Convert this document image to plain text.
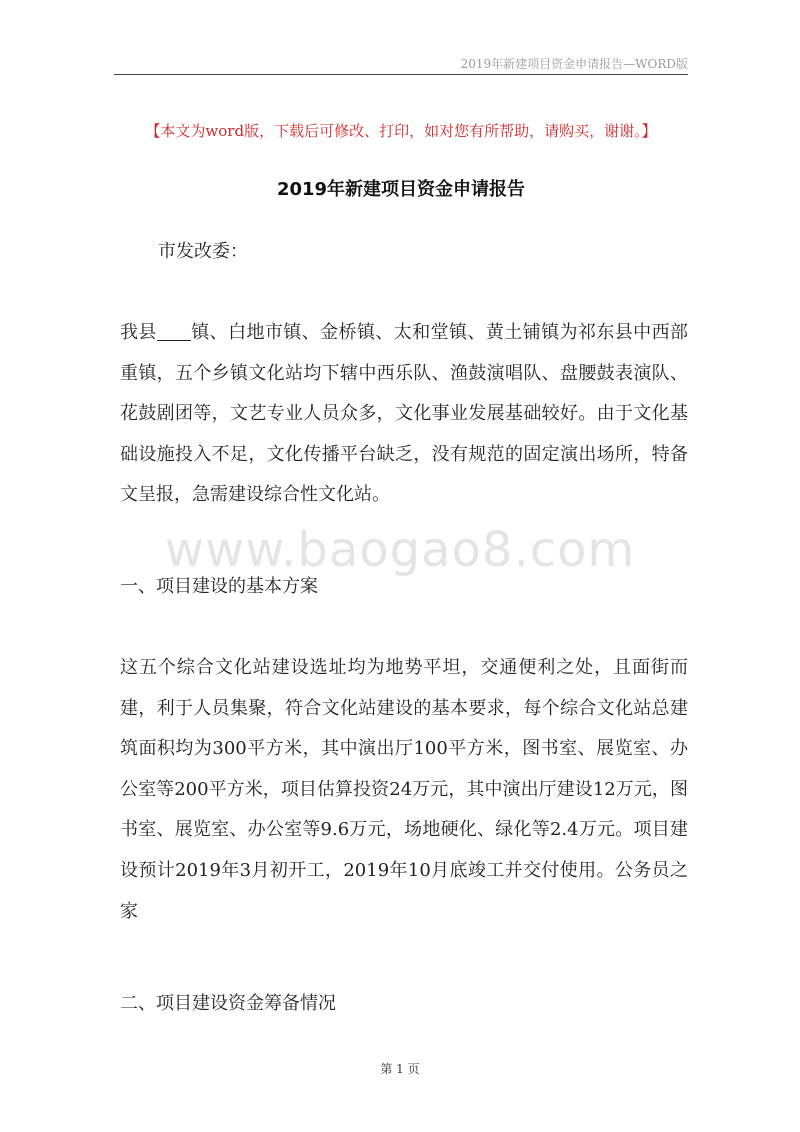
2019年新建项目资金申请报告—WORD版
【本文为word版，下载后可修改、打印，如对您有所帮助，请购买，谢谢。】
2019年新建项目资金申请报告

市发改委：

我县 镇、白地市镇、金桥镇、太和堂镇、黄土铺镇为祁东县中西部重镇，五个乡镇文化站均下辖中西乐队、渔鼓演唱队、盘腰鼓表演队、花鼓剧团等，文艺专业人员众多，文化事业发展基础较好。由于文化基础设施投入不足，文化传播平台缺乏，没有规范的固定演出场所，特备文呈报，急需建设综合性文化站。

www.baogao8.com

一、项目建设的基本方案

这五个综合文化站建设选址均为地势平坦，交通便利之处，且面街而建，利于人员集聚，符合文化站建设的基本要求，每个综合文化站总建筑面积均为300平方米，其中演出厅100平方米，图书室、展览室、办公室等200平方米，项目估算投资24万元，其中演出厅建设12万元，图书室、展览室、办公室等9.6万元，场地硬化、绿化等2.4万元。项目建设预计2019年3月初开工，2019年10月底竣工并交付使用。公务员之家

二、项目建设资金筹备情况

第 1 页
